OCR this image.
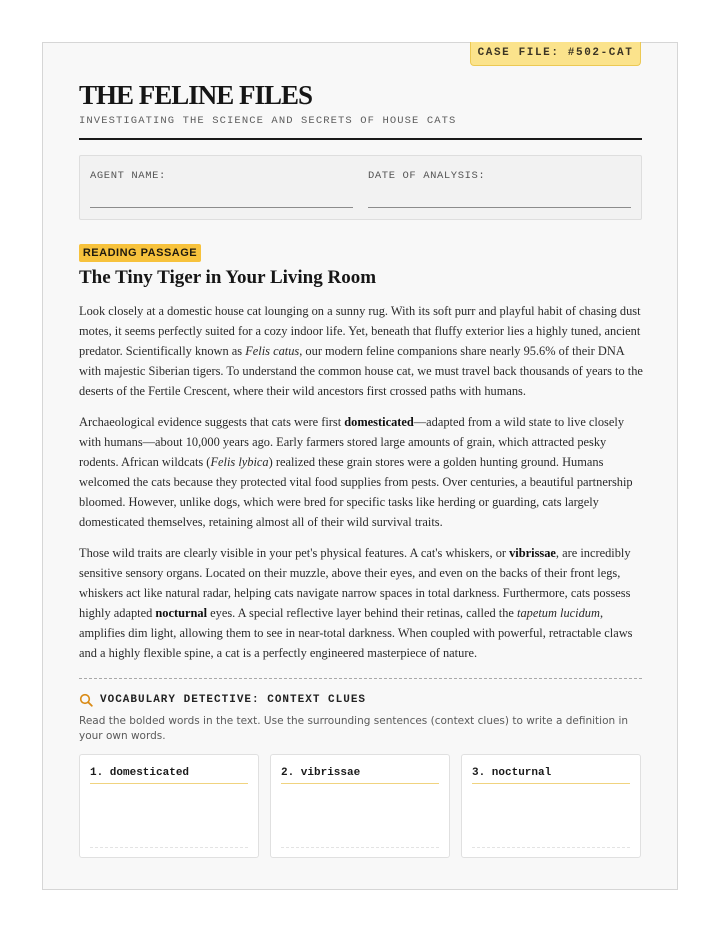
CASE FILE: #502-CAT
THE FELINE FILES
INVESTIGATING THE SCIENCE AND SECRETS OF HOUSE CATS
AGENT NAME:	DATE OF ANALYSIS:
READING PASSAGE
The Tiny Tiger in Your Living Room
Look closely at a domestic house cat lounging on a sunny rug. With its soft purr and playful habit of chasing dust motes, it seems perfectly suited for a cozy indoor life. Yet, beneath that fluffy exterior lies a highly tuned, ancient predator. Scientifically known as Felis catus, our modern feline companions share nearly 95.6% of their DNA with majestic Siberian tigers. To understand the common house cat, we must travel back thousands of years to the deserts of the Fertile Crescent, where their wild ancestors first crossed paths with humans.
Archaeological evidence suggests that cats were first domesticated—adapted from a wild state to live closely with humans—about 10,000 years ago. Early farmers stored large amounts of grain, which attracted pesky rodents. African wildcats (Felis lybica) realized these grain stores were a golden hunting ground. Humans welcomed the cats because they protected vital food supplies from pests. Over centuries, a beautiful partnership bloomed. However, unlike dogs, which were bred for specific tasks like herding or guarding, cats largely domesticated themselves, retaining almost all of their wild survival traits.
Those wild traits are clearly visible in your pet's physical features. A cat's whiskers, or vibrissae, are incredibly sensitive sensory organs. Located on their muzzle, above their eyes, and even on the backs of their front legs, whiskers act like natural radar, helping cats navigate narrow spaces in total darkness. Furthermore, cats possess highly adapted nocturnal eyes. A special reflective layer behind their retinas, called the tapetum lucidum, amplifies dim light, allowing them to see in near-total darkness. When coupled with powerful, retractable claws and a highly flexible spine, a cat is a perfectly engineered masterpiece of nature.
VOCABULARY DETECTIVE: CONTEXT CLUES
Read the bolded words in the text. Use the surrounding sentences (context clues) to write a definition in your own words.
1. domesticated	2. vibrissae	3. nocturnal
